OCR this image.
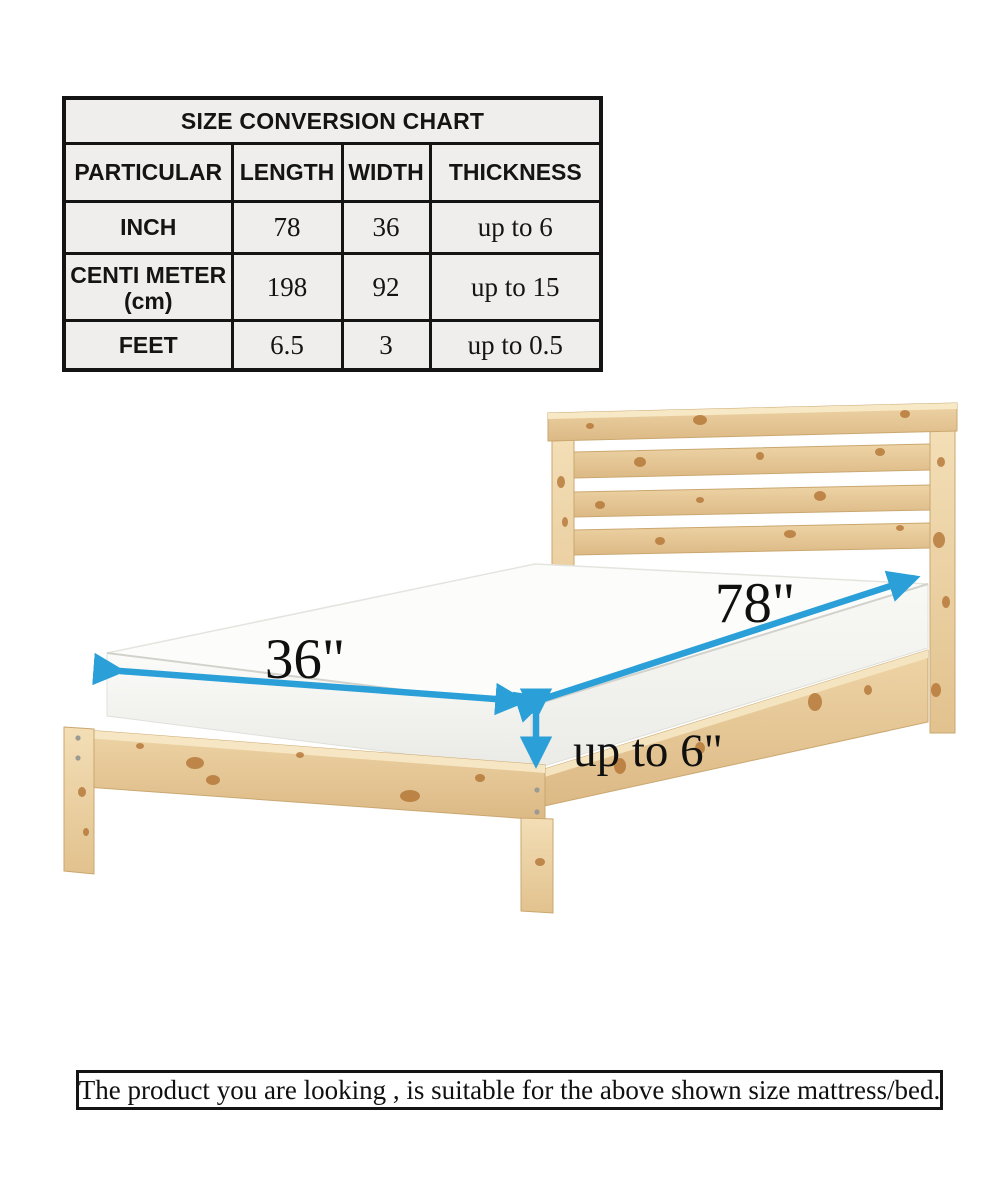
SIZE CONVERSION CHART			
PARTICULAR	LENGTH	WIDTH	THICKNESS
INCH	78	36	up to 6

CENTI METER
(cm)	198	92	up to 15
FEET	6.5	3	up to 0.5
36"
78"
up to 6"
The product you are looking , is suitable for the above shown size mattress/bed.
